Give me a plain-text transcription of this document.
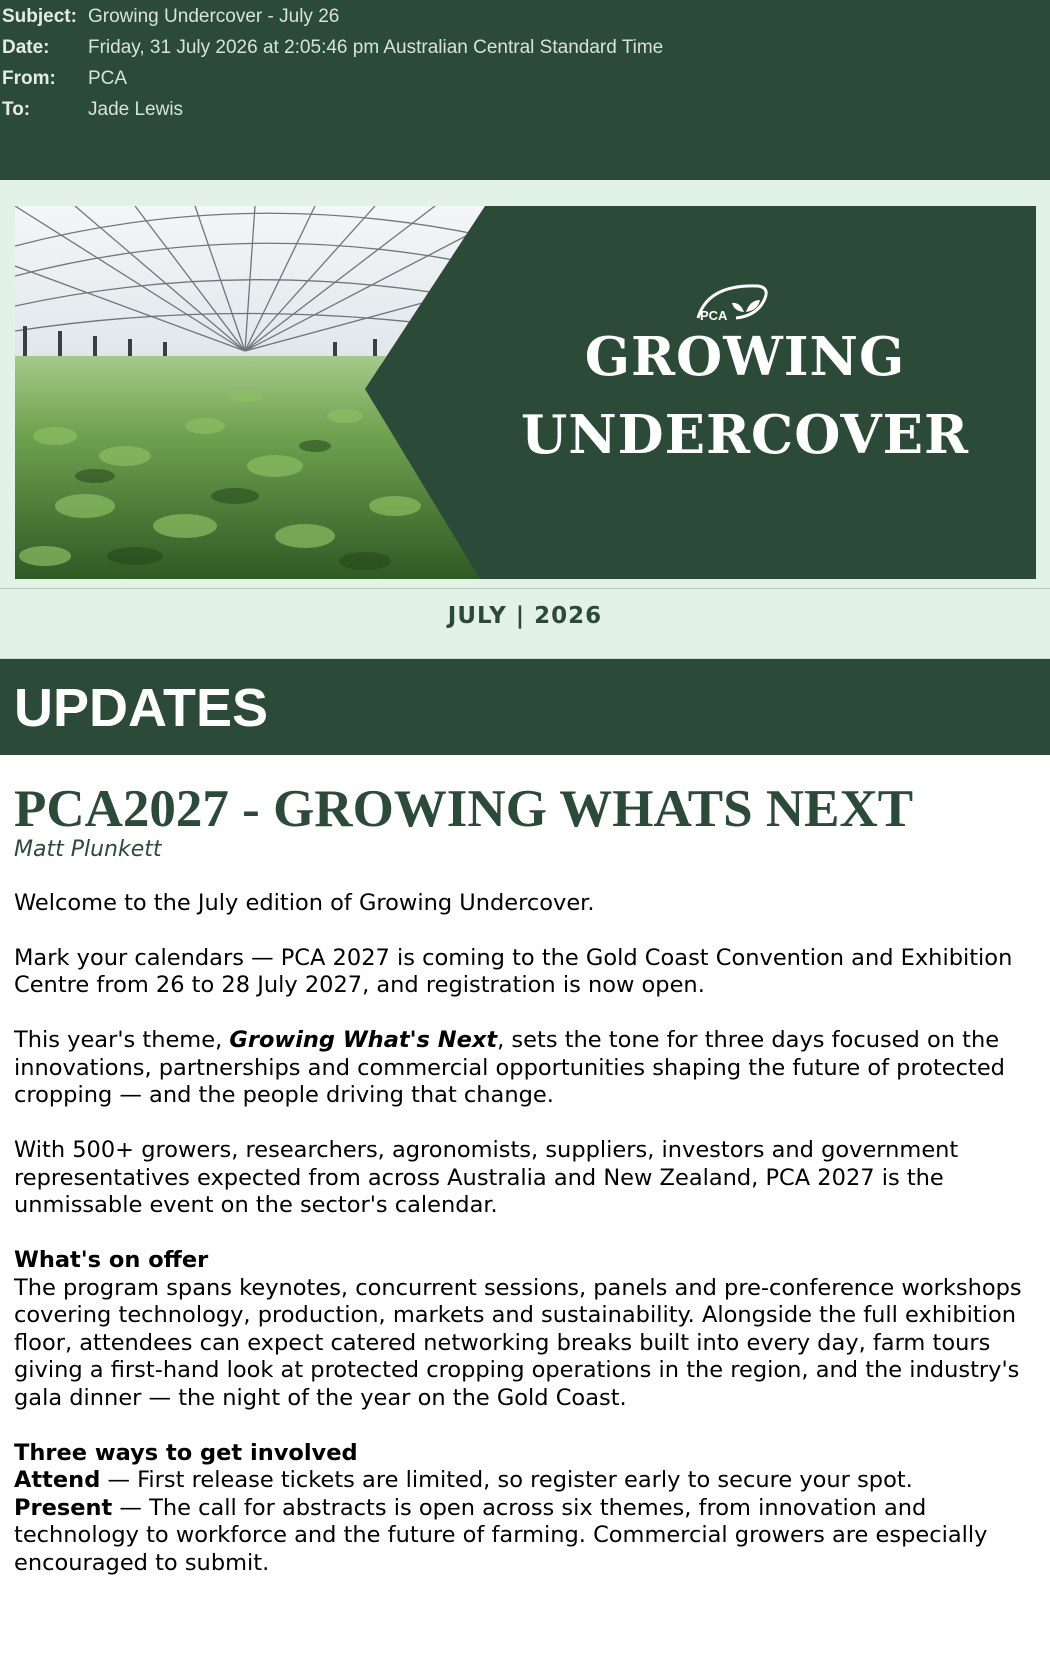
Subject: Growing Undercover - July 26
Date:	Friday, 31 July 2026 at 2:05:46 pm Australian Central Standard Time
From:	PCA
To:	Jade Lewis
PCA
GROWING
UNDERCOVER
JULY | 2026
UPDATES
PCA2027 - GROWING WHATS NEXT
Matt Plunkett

Welcome to the July edition of Growing Undercover.

Mark your calendars — PCA 2027 is coming to the Gold Coast Convention and Exhibition Centre from 26 to 28 July 2027, and registration is now open.

This year's theme, Growing What's Next, sets the tone for three days focused on the innovations, partnerships and commercial opportunities shaping the future of protected cropping — and the people driving that change.

With 500+ growers, researchers, agronomists, suppliers, investors and government representatives expected from across Australia and New Zealand, PCA 2027 is the unmissable event on the sector's calendar.

What's on offer

The program spans keynotes, concurrent sessions, panels and pre-conference workshops covering technology, production, markets and sustainability. Alongside the full exhibition floor, attendees can expect catered networking breaks built into every day, farm tours giving a first-hand look at protected cropping operations in the region, and the industry's gala dinner — the night of the year on the Gold Coast.

Three ways to get involved

Attend — First release tickets are limited, so register early to secure your spot.

Present — The call for abstracts is open across six themes, from innovation and technology to workforce and the future of farming. Commercial growers are especially encouraged to submit.
